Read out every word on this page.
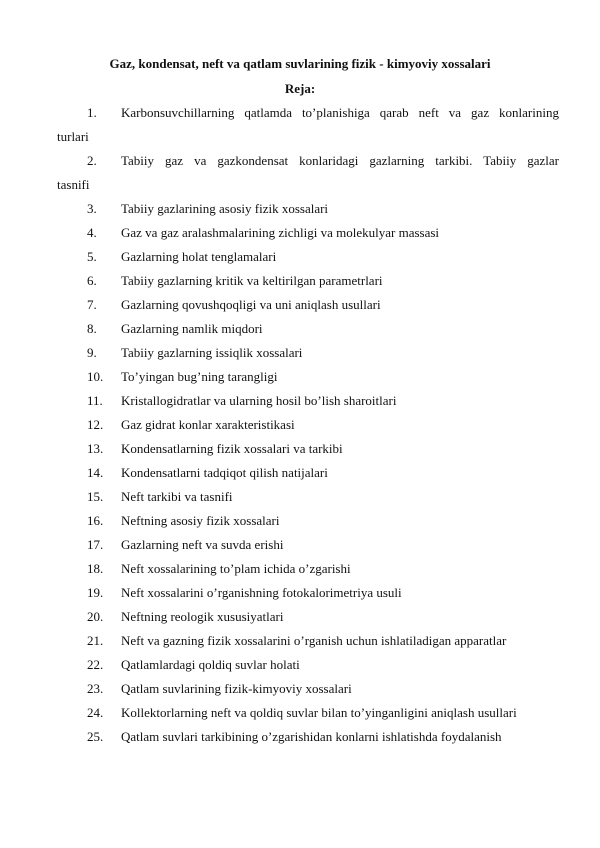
Gaz, kondensat, neft va qatlam suvlarining fizik - kimyoviy xossalari
Reja:
1.	Karbonsuvchillarning qatlamda to’planishiga qarab neft va gaz konlarining
turlari
2.	Tabiiy gaz va gazkondensat konlaridagi gazlarning tarkibi. Tabiiy gazlar
tasnifi
3.	Tabiiy gazlarining asosiy fizik xossalari
4.	Gaz va gaz aralashmalarining zichligi va molekulyar massasi
5.	Gazlarning holat tenglamalari
6.	Tabiiy gazlarning kritik va keltirilgan parametrlari
7.	Gazlarning qovushqoqligi va uni aniqlash usullari
8.	Gazlarning namlik miqdori
9.	Tabiiy gazlarning issiqlik xossalari
10.	To’yingan bug’ning tarangligi
11.	Kristallogidratlar va ularning hosil bo’lish sharoitlari
12.	Gaz gidrat konlar xarakteristikasi
13.	Kondensatlarning fizik xossalari va tarkibi
14.	Kondensatlarni tadqiqot qilish natijalari
15.	Neft tarkibi va tasnifi
16.	Neftning asosiy fizik xossalari
17.	Gazlarning neft va suvda erishi
18.	Neft xossalarining to’plam ichida o’zgarishi
19.	Neft xossalarini o’rganishning fotokalorimetriya usuli
20.	Neftning reologik xususiyatlari
21.	Neft va gazning fizik xossalarini o’rganish uchun ishlatiladigan apparatlar
22.	Qatlamlardagi qoldiq suvlar holati
23.	Qatlam suvlarining fizik-kimyoviy xossalari
24.	Kollektorlarning neft va qoldiq suvlar bilan to’yinganligini aniqlash usullari
25.	Qatlam suvlari tarkibining o’zgarishidan konlarni ishlatishda foydalanish
